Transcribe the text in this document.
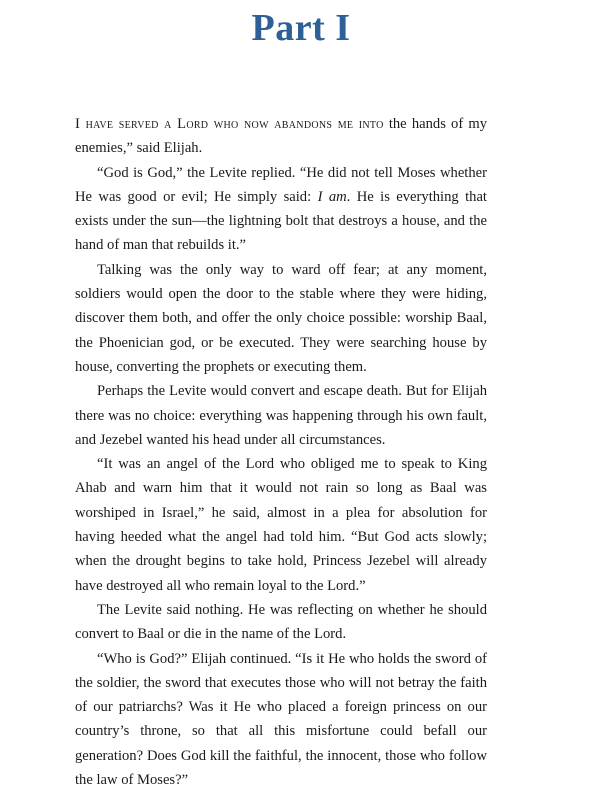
Part I

I have served a Lord who now abandons me into the hands of my enemies,” said Elijah.

“God is God,” the Levite replied. “He did not tell Moses whether He was good or evil; He simply said: I am. He is everything that exists under the sun—the lightning bolt that destroys a house, and the hand of man that rebuilds it.”

Talking was the only way to ward off fear; at any moment, soldiers would open the door to the stable where they were hiding, discover them both, and offer the only choice possible: worship Baal, the Phoenician god, or be executed. They were searching house by house, converting the prophets or executing them.

Perhaps the Levite would convert and escape death. But for Elijah there was no choice: everything was happening through his own fault, and Jezebel wanted his head under all circumstances.

“It was an angel of the Lord who obliged me to speak to King Ahab and warn him that it would not rain so long as Baal was worshiped in Israel,” he said, almost in a plea for absolution for having heeded what the angel had told him. “But God acts slowly; when the drought begins to take hold, Princess Jezebel will already have destroyed all who remain loyal to the Lord.”

The Levite said nothing. He was reflecting on whether he should convert to Baal or die in the name of the Lord.

“Who is God?” Elijah continued. “Is it He who holds the sword of the soldier, the sword that executes those who will not betray the faith of our patriarchs? Was it He who placed a foreign princess on our country’s throne, so that all this misfortune could befall our generation? Does God kill the faithful, the innocent, those who follow the law of Moses?”
